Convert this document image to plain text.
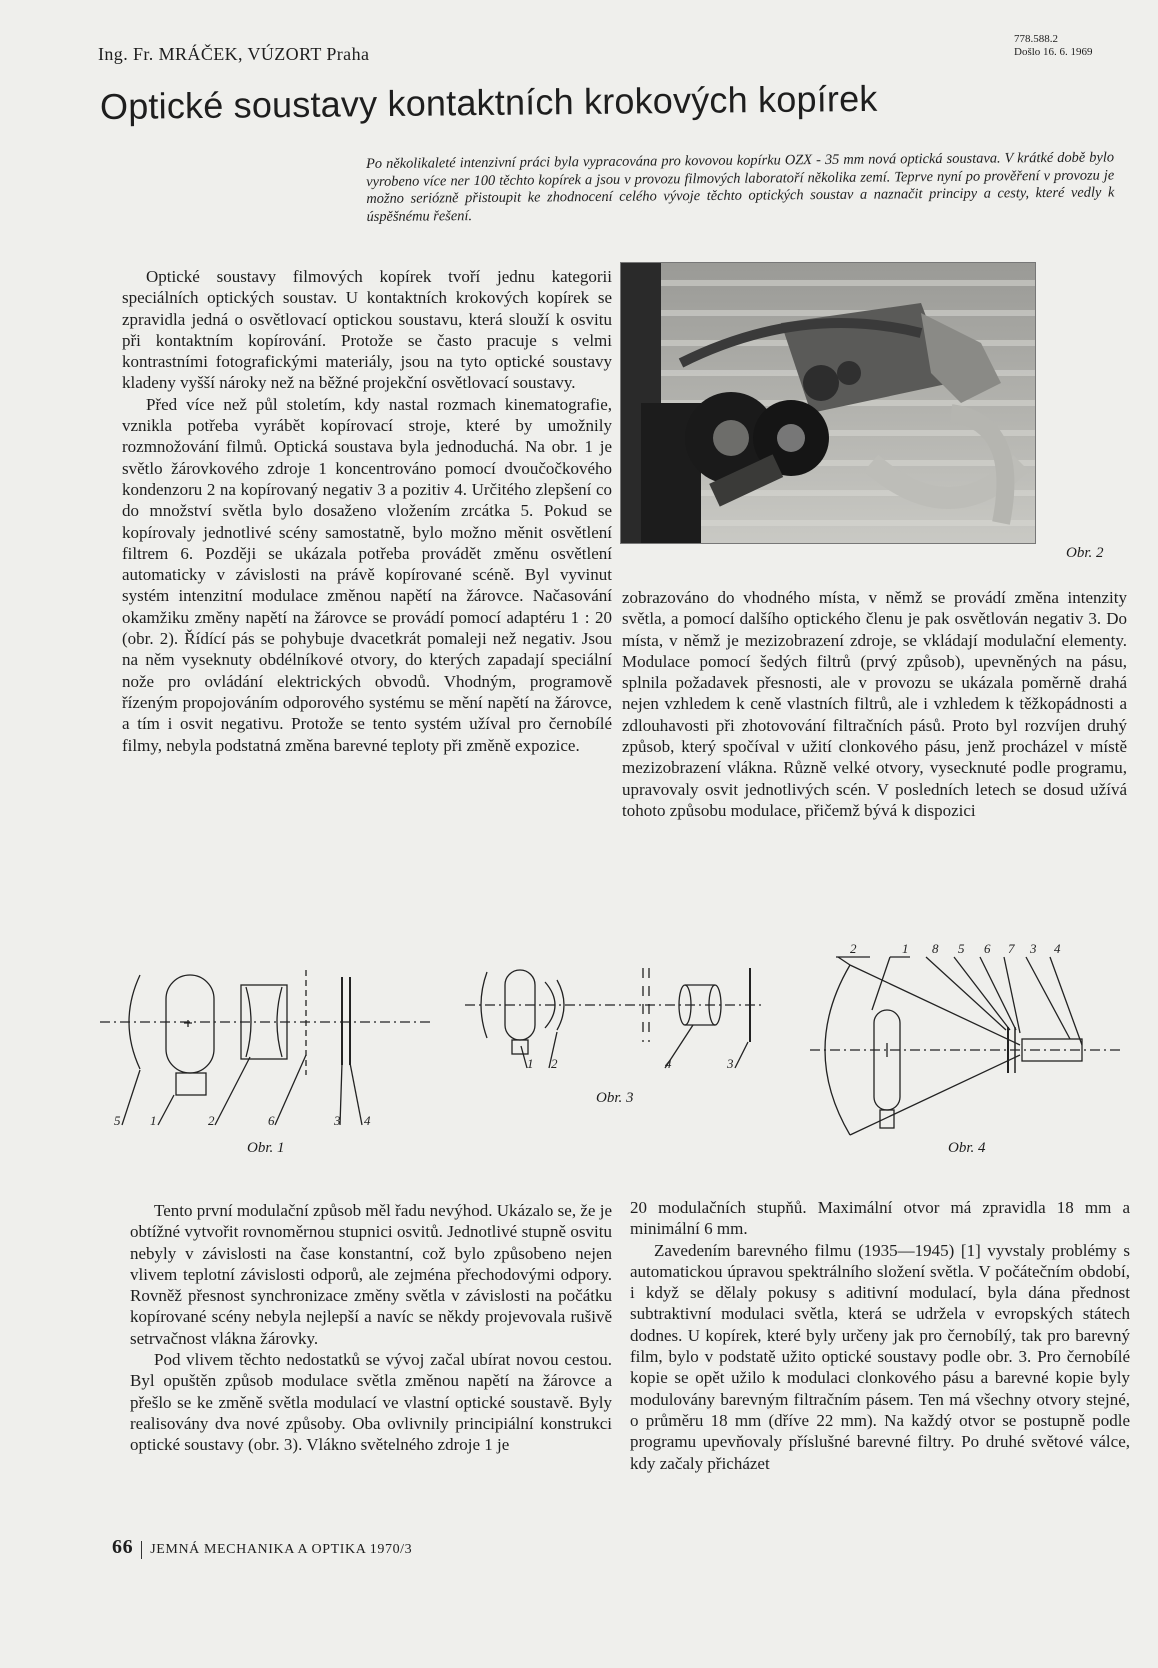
Ing. Fr. MRÁČEK, VÚZORT Praha
778.588.2
Došlo 16. 6. 1969
Optické soustavy kontaktních krokových kopírek
Po několikaleté intenzivní práci byla vypracována pro kovovou kopírku OZX - 35 mm nová optická soustava. V krátké době bylo vyrobeno více ner 100 těchto kopírek a jsou v provozu filmových laboratoří několika zemí. Teprve nyní po prověření v provozu je možno seriózně přistoupit ke zhodnocení celého vývoje těchto optických soustav a naznačit principy a cesty, které vedly k úspěšnému řešení.

Optické soustavy filmových kopírek tvoří jednu kategorii speciálních optických soustav. U kontaktních krokových kopírek se zpravidla jedná o osvětlovací optickou soustavu, která slouží k osvitu při kontaktním kopírování. Protože se často pracuje s velmi kontrastními fotografickými materiály, jsou na tyto optické soustavy kladeny vyšší nároky než na běžné projekční osvětlovací soustavy.

Před více než půl stoletím, kdy nastal rozmach kinematografie, vznikla potřeba vyrábět kopírovací stroje, které by umožnily rozmnožování filmů. Optická soustava byla jednoduchá. Na obr. 1 je světlo žárovkového zdroje 1 koncentrováno pomocí dvoučočkového kondenzoru 2 na kopírovaný negativ 3 a pozitiv 4. Určitého zlepšení co do množství světla bylo dosaženo vložením zrcátka 5. Pokud se kopírovaly jednotlivé scény samostatně, bylo možno měnit osvětlení filtrem 6. Později se ukázala potřeba provádět změnu osvětlení automaticky v závislosti na právě kopírované scéně. Byl vyvinut systém intenzitní modulace změnou napětí na žárovce. Načasování okamžiku změny napětí na žárovce se provádí pomocí adaptéru 1 : 20 (obr. 2). Řídící pás se pohybuje dvacetkrát pomaleji než negativ. Jsou na něm vyseknuty obdélníkové otvory, do kterých zapadají speciální nože pro ovládání elektrických obvodů. Vhodným, programově řízeným propojováním odporového systému se mění napětí na žárovce, a tím i osvit negativu. Protože se tento systém užíval pro černobílé filmy, nebyla podstatná změna barevné teploty při změně expozice.

Obr. 2

zobrazováno do vhodného místa, v němž se provádí změna intenzity světla, a pomocí dalšího optického členu je pak osvětlován negativ 3. Do místa, v němž je mezizobrazení zdroje, se vkládají modulační elementy. Modulace pomocí šedých filtrů (prvý způsob), upevněných na pásu, splnila požadavek přesnosti, ale v provozu se ukázala poměrně drahá nejen vzhledem k ceně vlastních filtrů, ale i vzhledem k těžkopádnosti a zdlouhavosti při zhotovování filtračních pásů. Proto byl rozvíjen druhý způsob, který spočíval v užití clonkového pásu, jenž procházel v místě mezizobrazení vlákna. Různě velké otvory, vysecknuté podle programu, upravovaly osvit jednotlivých scén. V posledních letech se dosud užívá tohoto způsobu modulace, přičemž bývá k dispozici

5 1	2	6	3 4
Obr. 1
1 2	4	3
Obr. 3
2	1 8 5 6 7 3 4
Obr. 4

Tento první modulační způsob měl řadu nevýhod. Ukázalo se, že je obtížné vytvořit rovnoměrnou stupnici osvitů. Jednotlivé stupně osvitu nebyly v závislosti na čase konstantní, což bylo způsobeno nejen vlivem teplotní závislosti odporů, ale zejména přechodovými odpory. Rovněž přesnost synchronizace změny světla v závislosti na počátku kopírované scény nebyla nejlepší a navíc se někdy projevovala rušivě setrvačnost vlákna žárovky.

Pod vlivem těchto nedostatků se vývoj začal ubírat novou cestou. Byl opuštěn způsob modulace světla změnou napětí na žárovce a přešlo se ke změně světla modulací ve vlastní optické soustavě. Byly realisovány dva nové způsoby. Oba ovlivnily principiální konstrukci optické soustavy (obr. 3). Vlákno světelného zdroje 1 je

20 modulačních stupňů. Maximální otvor má zpravidla 18 mm a minimální 6 mm.

Zavedením barevného filmu (1935—1945) [1] vyvstaly problémy s automatickou úpravou spektrálního složení světla. V počátečním období, i když se dělaly pokusy s aditivní modulací, byla dána přednost subtraktivní modulaci světla, která se udržela v evropských státech dodnes. U kopírek, které byly určeny jak pro černobílý, tak pro barevný film, bylo v podstatě užito optické soustavy podle obr. 3. Pro černobílé kopie se opět užilo k modulaci clonkového pásu a barevné kopie byly modulovány barevným filtračním pásem. Ten má všechny otvory stejné, o průměru 18 mm (dříve 22 mm). Na každý otvor se postupně podle programu upevňovaly příslušné barevné filtry. Po druhé světové válce, kdy začaly přicházet

66 JEMNÁ MECHANIKA A OPTIKA 1970/3
